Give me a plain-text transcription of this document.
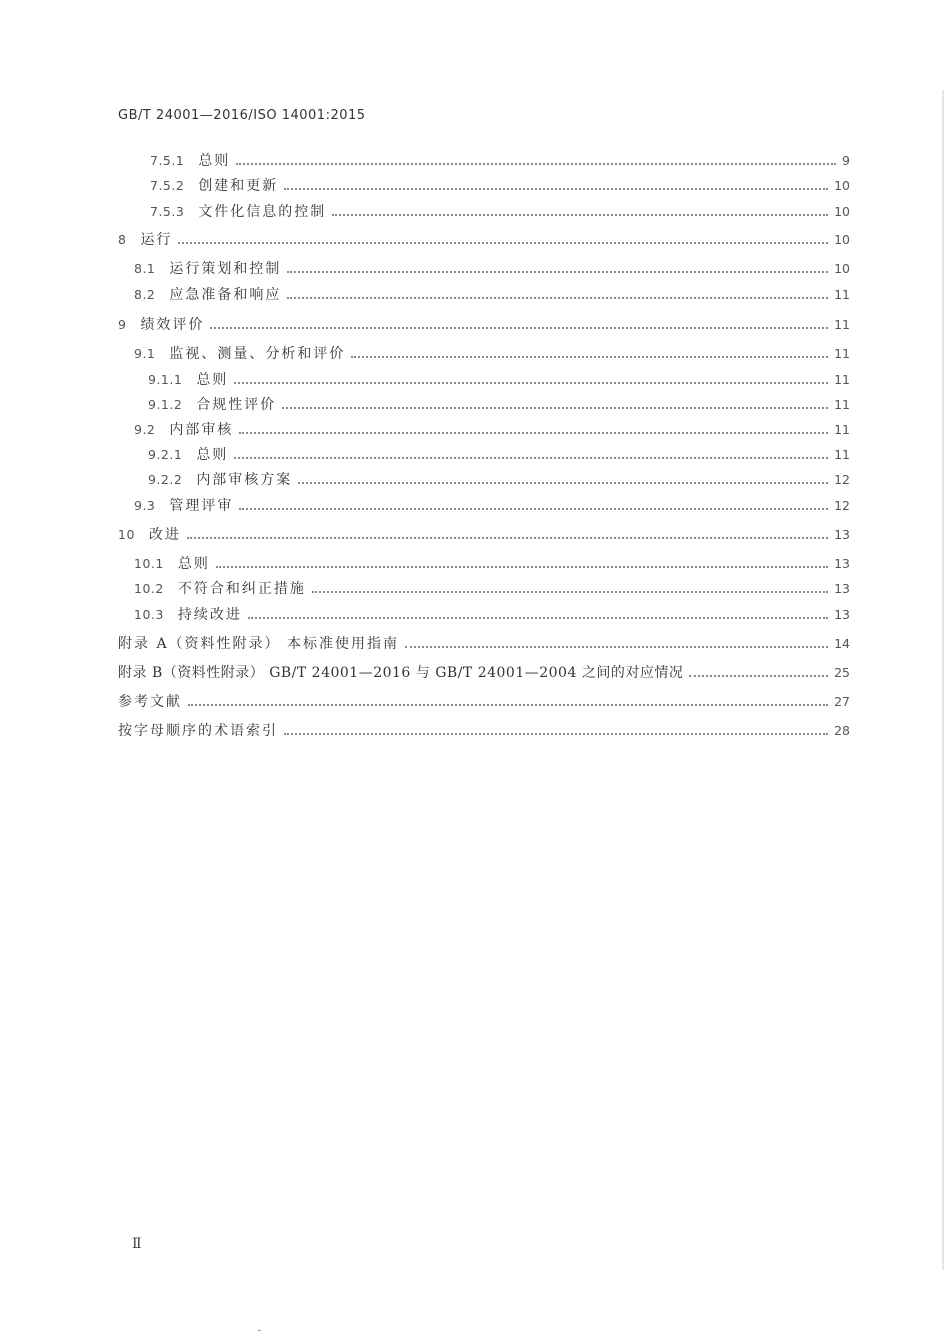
GB/T 24001—2016/ISO 14001:2015
7.5.1 总则	9
7.5.2 创建和更新	10
7.5.3 文件化信息的控制	10
8 运行	10
8.1 运行策划和控制	10
8.2 应急准备和响应	11
9 绩效评价	11
9.1 监视、测量、分析和评价	11
9.1.1 总则	11
9.1.2 合规性评价	11
9.2 内部审核	11
9.2.1 总则	11
9.2.2 内部审核方案	12
9.3 管理评审	12
10 改进	13
10.1 总则	13
10.2 不符合和纠正措施	13
10.3 持续改进	13
附录 A（资料性附录） 本标准使用指南	14
附录 B（资料性附录） GB/T 24001—2016 与 GB/T 24001—2004 之间的对应情况	25
参考文献	27
按字母顺序的术语索引	28
Ⅱ
˘
